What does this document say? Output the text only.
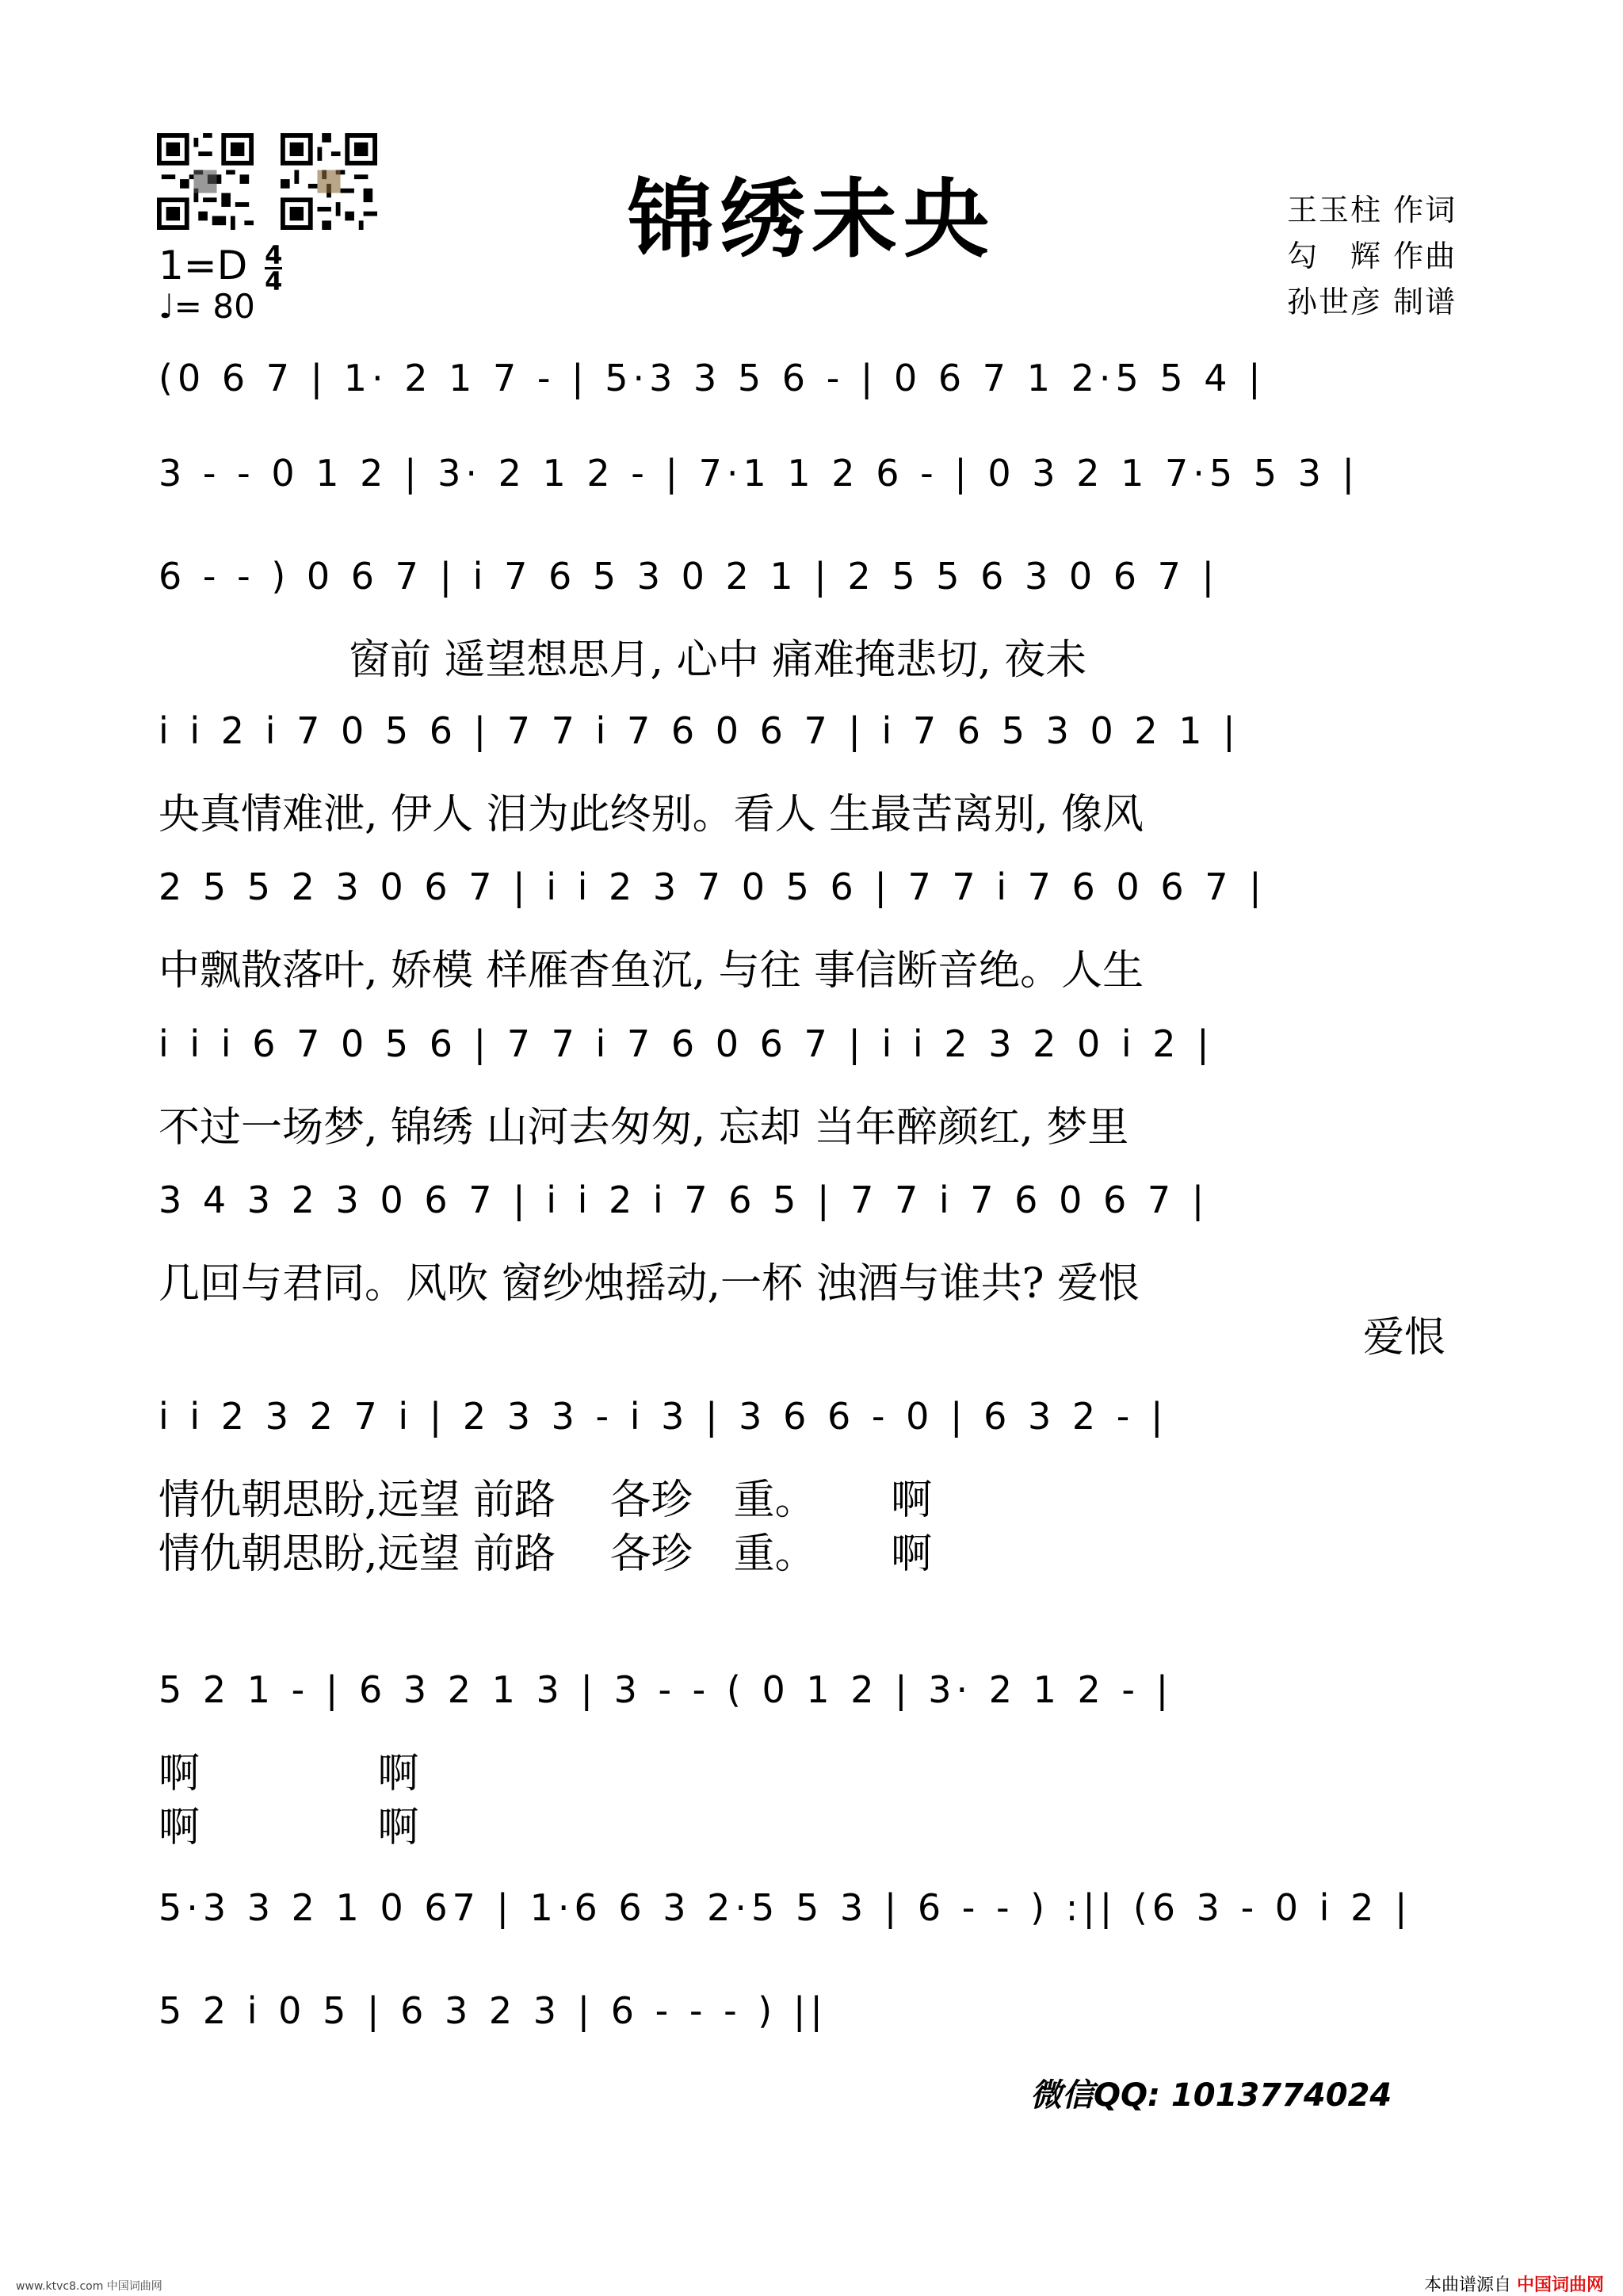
锦绣未央	王玉柱 作词
勾　辉 作曲
孙世彦 制谱
$1=D \frac{4}{4}$
♩= 80
(0 6 7 | 1· 2 1 7 - | 5·3 3 5 6 - | 0 6 7 1 2·5 5 4 |
3 - - 0 1 2 | 3· 2 1 2 - | 7·1 1 2 6 - | 0 3 2 1 7·5 5 3 |
6 - - ) 0 6 7 | i 7 6 5 3 0 2 1 | 2 5 5 6 3 0 6 7 |
窗前 遥望想思月, 心中 痛难掩悲切, 夜未
i i 2 i 7 0 5 6 | 7 7 i 7 6 0 6 7 | i 7 6 5 3 0 2 1 |
央真情难泄, 伊人 泪为此终别。看人 生最苦离别, 像风
2 5 5 2 3 0 6 7 | i i 2 3 7 0 5 6 | 7 7 i 7 6 0 6 7 |
中飘散落叶, 娇模 样雁杳鱼沉, 与往 事信断音绝。人生
i i i 6 7 0 5 6 | 7 7 i 7 6 0 6 7 | i i 2 3 2 0 i 2 |
不过一场梦, 锦绣 山河去匆匆, 忘却 当年醉颜红, 梦里
3 4 3 2 3 0 6 7 | i i 2 i 7 6 5 | 7 7 i 7 6 0 6 7 |
几回与君同。风吹 窗纱烛摇动,一杯 浊酒与谁共? 爱恨
爱恨
i i 2 3 2 7 i | 2 3 3 - i 3 | 3 6 6 - 0 | 6 3 2 - |
情仇朝思盼,远望 前路　 各珍　重。　　 啊
情仇朝思盼,远望 前路　 各珍　重。　　 啊
5 2 1 - | 6 3 2 1 3 | 3 - - ( 0 1 2 | 3· 2 1 2 - |
啊　　　　 啊
啊　　　　 啊
5·3 3 2 1 0 67 | 1·6 6 3 2·5 5 3 | 6 - - ) :|| (6 3 - 0 i 2 |
5 2 i 0 5 | 6 3 2 3 | 6 - - - ) ||
微信QQ: 1013774024
www.ktvc8.com 中国词曲网	本曲谱源自 中国词曲网
